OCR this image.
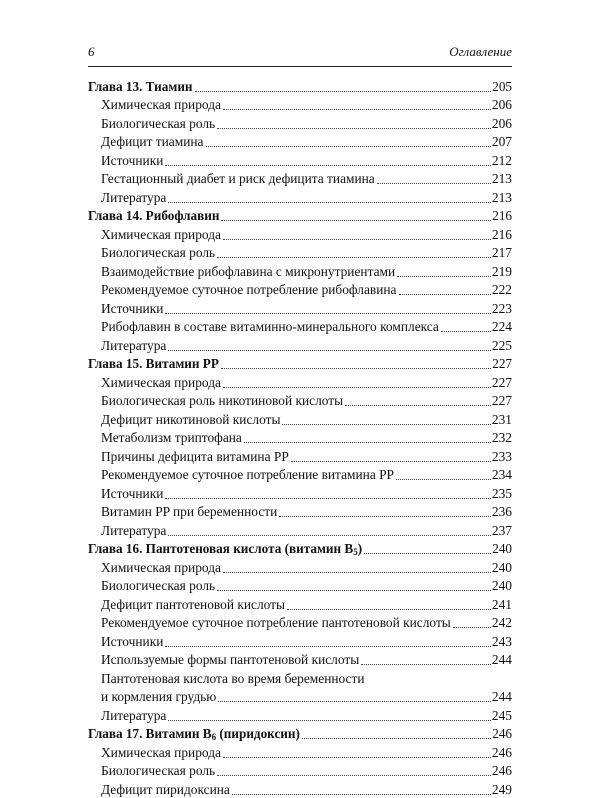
6	Оглавление
Глава 13. Тиамин	205
Химическая природа	206
Биологическая роль	206
Дефицит тиамина	207
Источники	212
Гестационный диабет и риск дефицита тиамина	213
Литература	213
Глава 14. Рибофлавин	216
Химическая природа	216
Биологическая роль	217
Взаимодействие рибофлавина с микронутриентами	219
Рекомендуемое суточное потребление рибофлавина	222
Источники	223
Рибофлавин в составе витаминно-минерального комплекса	224
Литература	225
Глава 15. Витамин PP	227
Химическая природа	227
Биологическая роль никотиновой кислоты	227
Дефицит никотиновой кислоты	231
Метаболизм триптофана	232
Причины дефицита витамина PP	233
Рекомендуемое суточное потребление витамина PP	234
Источники	235
Витамин PP при беременности	236
Литература	237
Глава 16. Пантотеновая кислота (витамин $B_5$)	240
Химическая природа	240
Биологическая роль	240
Дефицит пантотеновой кислоты	241
Рекомендуемое суточное потребление пантотеновой кислоты	242
Источники	243
Используемые формы пантотеновой кислоты	244
Пантотеновая кислота во время беременности
и кормления грудью	244
Литература	245
Глава 17. Витамин $B_6$ (пиридоксин)	246
Химическая природа	246
Биологическая роль	246
Дефицит пиридоксина	249
